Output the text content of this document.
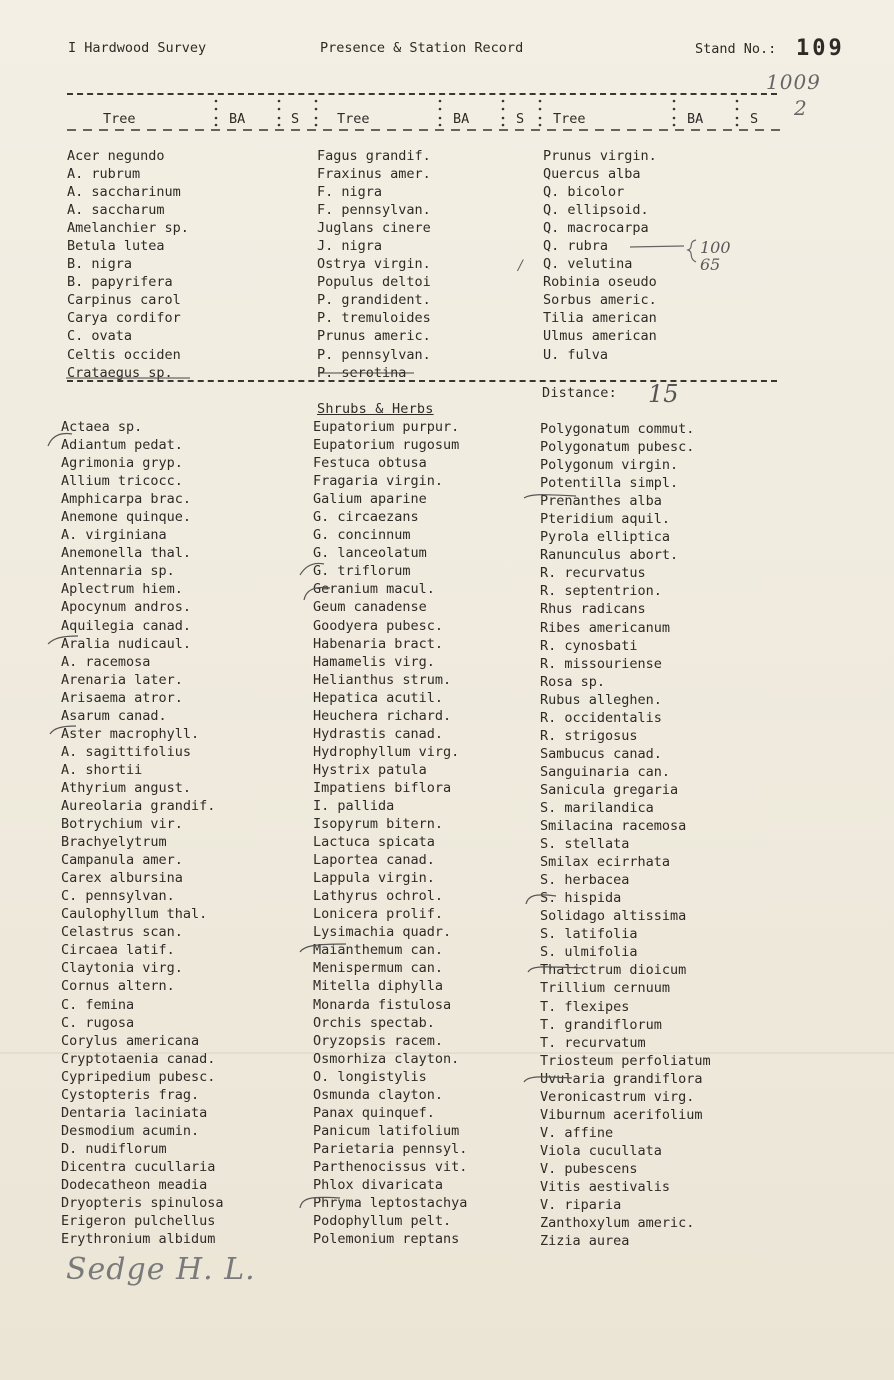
I Hardwood Survey	Presence & Station Record	Stand No.: 109
1009
2
Tree	BA	S	Tree	BA	S Tree	BA	S
Acer negundo
A. rubrum
A. saccharinum
A. saccharum
Amelanchier sp.
Betula lutea
B. nigra
B. papyrifera
Carpinus carol
Carya cordifor
C. ovata
Celtis occiden
Crataegus sp.
Fagus grandif.
Fraxinus amer.
F. nigra
F. pennsylvan.
Juglans cinere
J. nigra
Ostrya virgin.
Populus deltoi
P. grandident.
P. tremuloides
Prunus americ.
P. pennsylvan.
P. serotina
Prunus virgin.
Quercus alba
Q. bicolor
Q. ellipsoid.
Q. macrocarpa
Q. rubra
Q. velutina
Robinia oseudo
Sorbus americ.
Tilia american
Ulmus american
U. fulva
100
65
/
Distance: 15
Shrubs & Herbs
Actaea sp.
Adiantum pedat.
Agrimonia gryp.
Allium tricocc.
Amphicarpa brac.
Anemone quinque.
A. virginiana
Anemonella thal.
Antennaria sp.
Aplectrum hiem.
Apocynum andros.
Aquilegia canad.
Aralia nudicaul.
A. racemosa
Arenaria later.
Arisaema atror.
Asarum canad.
Aster macrophyll.
A. sagittifolius
A. shortii
Athyrium angust.
Aureolaria grandif.
Botrychium vir.
Brachyelytrum
Campanula amer.
Carex albursina
C. pennsylvan.
Caulophyllum thal.
Celastrus scan.
Circaea latif.
Claytonia virg.
Cornus altern.
C. femina
C. rugosa
Corylus americana
Cryptotaenia canad.
Cypripedium pubesc.
Cystopteris frag.
Dentaria laciniata
Desmodium acumin.
D. nudiflorum
Dicentra cucullaria
Dodecatheon meadia
Dryopteris spinulosa
Erigeron pulchellus
Erythronium albidum
Eupatorium purpur.
Eupatorium rugosum
Festuca obtusa
Fragaria virgin.
Galium aparine
G. circaezans
G. concinnum
G. lanceolatum
G. triflorum
Geranium macul.
Geum canadense
Goodyera pubesc.
Habenaria bract.
Hamamelis virg.
Helianthus strum.
Hepatica acutil.
Heuchera richard.
Hydrastis canad.
Hydrophyllum virg.
Hystrix patula
Impatiens biflora
I. pallida
Isopyrum bitern.
Lactuca spicata
Laportea canad.
Lappula virgin.
Lathyrus ochrol.
Lonicera prolif.
Lysimachia quadr.
Maianthemum can.
Menispermum can.
Mitella diphylla
Monarda fistulosa
Orchis spectab.
Oryzopsis racem.
Osmorhiza clayton.
O. longistylis
Osmunda clayton.
Panax quinquef.
Panicum latifolium
Parietaria pennsyl.
Parthenocissus vit.
Phlox divaricata
Phryma leptostachya
Podophyllum pelt.
Polemonium reptans
Polygonatum commut.
Polygonatum pubesc.
Polygonum virgin.
Potentilla simpl.
Prenanthes alba
Pteridium aquil.
Pyrola elliptica
Ranunculus abort.
R. recurvatus
R. septentrion.
Rhus radicans
Ribes americanum
R. cynosbati
R. missouriense
Rosa sp.
Rubus alleghen.
R. occidentalis
R. strigosus
Sambucus canad.
Sanguinaria can.
Sanicula gregaria
S. marilandica
Smilacina racemosa
S. stellata
Smilax ecirrhata
S. herbacea
S. hispida
Solidago altissima
S. latifolia
S. ulmifolia
Thalictrum dioicum
Trillium cernuum
T. flexipes
T. grandiflorum
T. recurvatum
Triosteum perfoliatum
Uvularia grandiflora
Veronicastrum virg.
Viburnum acerifolium
V. affine
Viola cucullata
V. pubescens
Vitis aestivalis
V. riparia
Zanthoxylum americ.
Zizia aurea
Sedge H. L.
